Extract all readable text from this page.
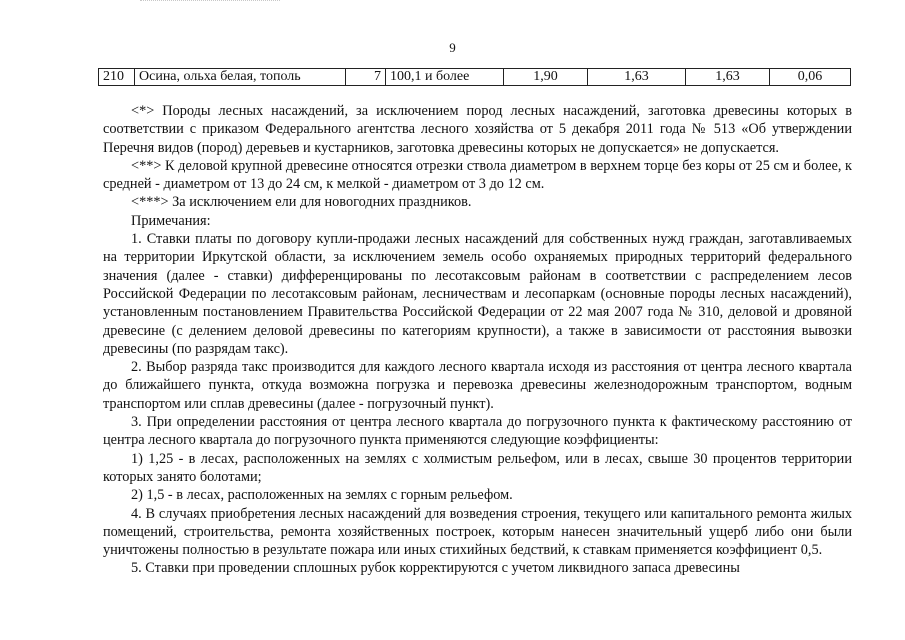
9
210	Осина, ольха белая, тополь	7	100,1 и более	1,90	1,63	1,63	0,06

<*> Породы лесных насаждений, за исключением пород лесных насаждений, заготовка древесины которых в соответствии с приказом Федерального агентства лесного хозяйства от 5 декабря 2011 года № 513 «Об утверждении Перечня видов (пород) деревьев и кустарников, заготовка древесины которых не допускается» не допускается.

<**> К деловой крупной древесине относятся отрезки ствола диаметром в верхнем торце без коры от 25 см и более, к средней - диаметром от 13 до 24 см, к мелкой - диаметром от 3 до 12 см.

<***> За исключением ели для новогодних праздников.

Примечания:

1. Ставки платы по договору купли-продажи лесных насаждений для собственных нужд граждан, заготавливаемых на территории Иркутской области, за исключением земель особо охраняемых природных территорий федерального значения (далее - ставки) дифференцированы по лесотаксовым районам в соответствии с распределением лесов Российской Федерации по лесотаксовым районам, лесничествам и лесопаркам (основные породы лесных насаждений), установленным постановлением Правительства Российской Федерации от 22 мая 2007 года № 310, деловой и дровяной древесине (с делением деловой древесины по категориям крупности), а также в зависимости от расстояния вывозки древесины (по разрядам такс).

2. Выбор разряда такс производится для каждого лесного квартала исходя из расстояния от центра лесного квартала до ближайшего пункта, откуда возможна погрузка и перевозка древесины железнодорожным транспортом, водным транспортом или сплав древесины (далее - погрузочный пункт).

3. При определении расстояния от центра лесного квартала до погрузочного пункта к фактическому расстоянию от центра лесного квартала до погрузочного пункта применяются следующие коэффициенты:

1) 1,25 - в лесах, расположенных на землях с холмистым рельефом, или в лесах, свыше 30 процентов территории которых занято болотами;

2) 1,5 - в лесах, расположенных на землях с горным рельефом.

4. В случаях приобретения лесных насаждений для возведения строения, текущего или капитального ремонта жилых помещений, строительства, ремонта хозяйственных построек, которым нанесен значительный ущерб либо они были уничтожены полностью в результате пожара или иных стихийных бедствий, к ставкам применяется коэффициент 0,5.

5. Ставки при проведении сплошных рубок корректируются с учетом ликвидного запаса древесины
